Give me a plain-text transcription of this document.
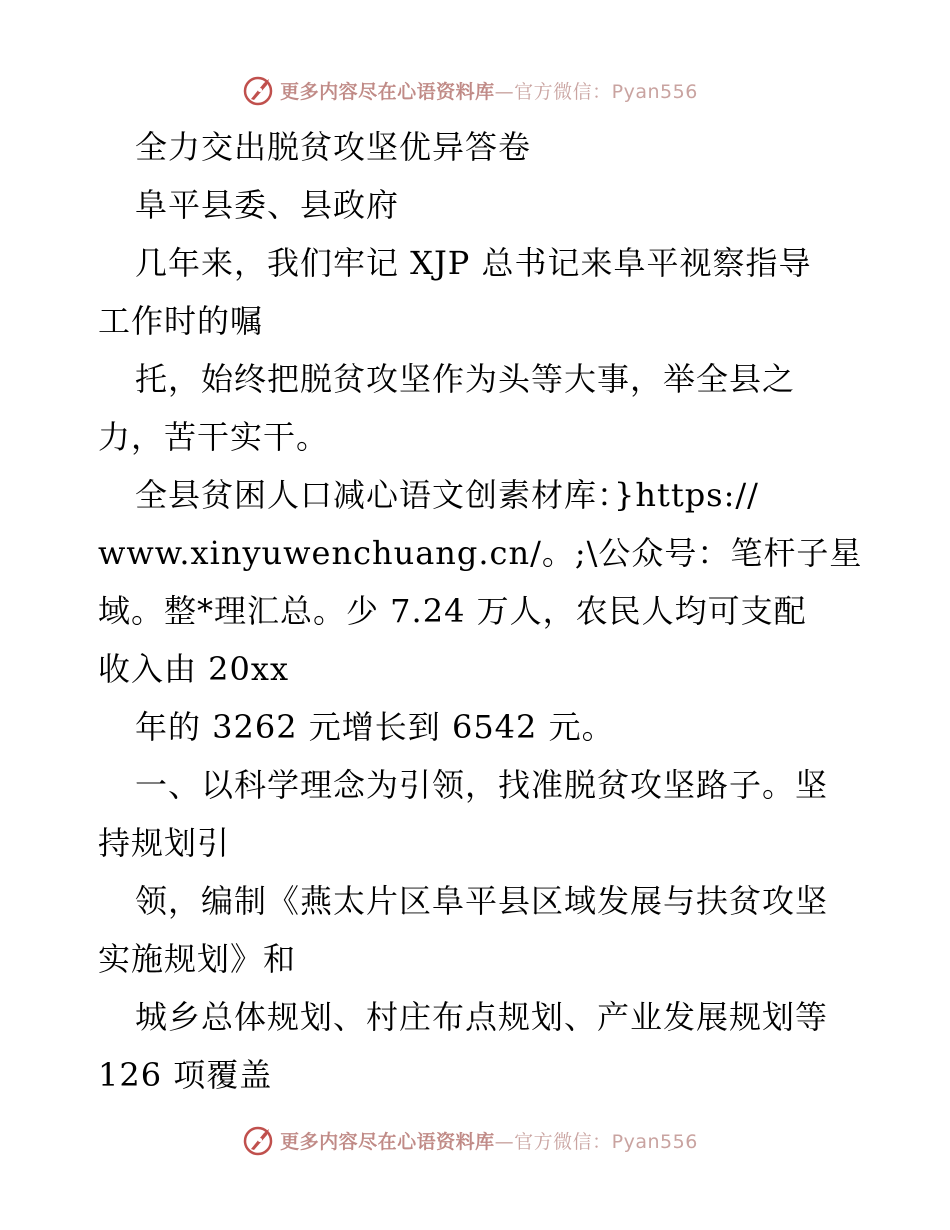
更多内容尽在心语资料库—官方微信：Pyan556
全力交出脱贫攻坚优异答卷
阜平县委、县政府
几年来，我们牢记 XJP 总书记来阜平视察指导
工作时的嘱
托，始终把脱贫攻坚作为头等大事，举全县之
力，苦干实干。
全县贫困人口减心语文创素材库：}https://
www.xinyuwenchuang.cn/。;\公众号：笔杆子星
域。整*理汇总。少 7.24 万人，农民人均可支配
收入由 20xx
年的 3262 元增长到 6542 元。
一、以科学理念为引领，找准脱贫攻坚路子。坚
持规划引
领，编制《燕太片区阜平县区域发展与扶贫攻坚
实施规划》和
城乡总体规划、村庄布点规划、产业发展规划等
126 项覆盖
更多内容尽在心语资料库—官方微信：Pyan556
